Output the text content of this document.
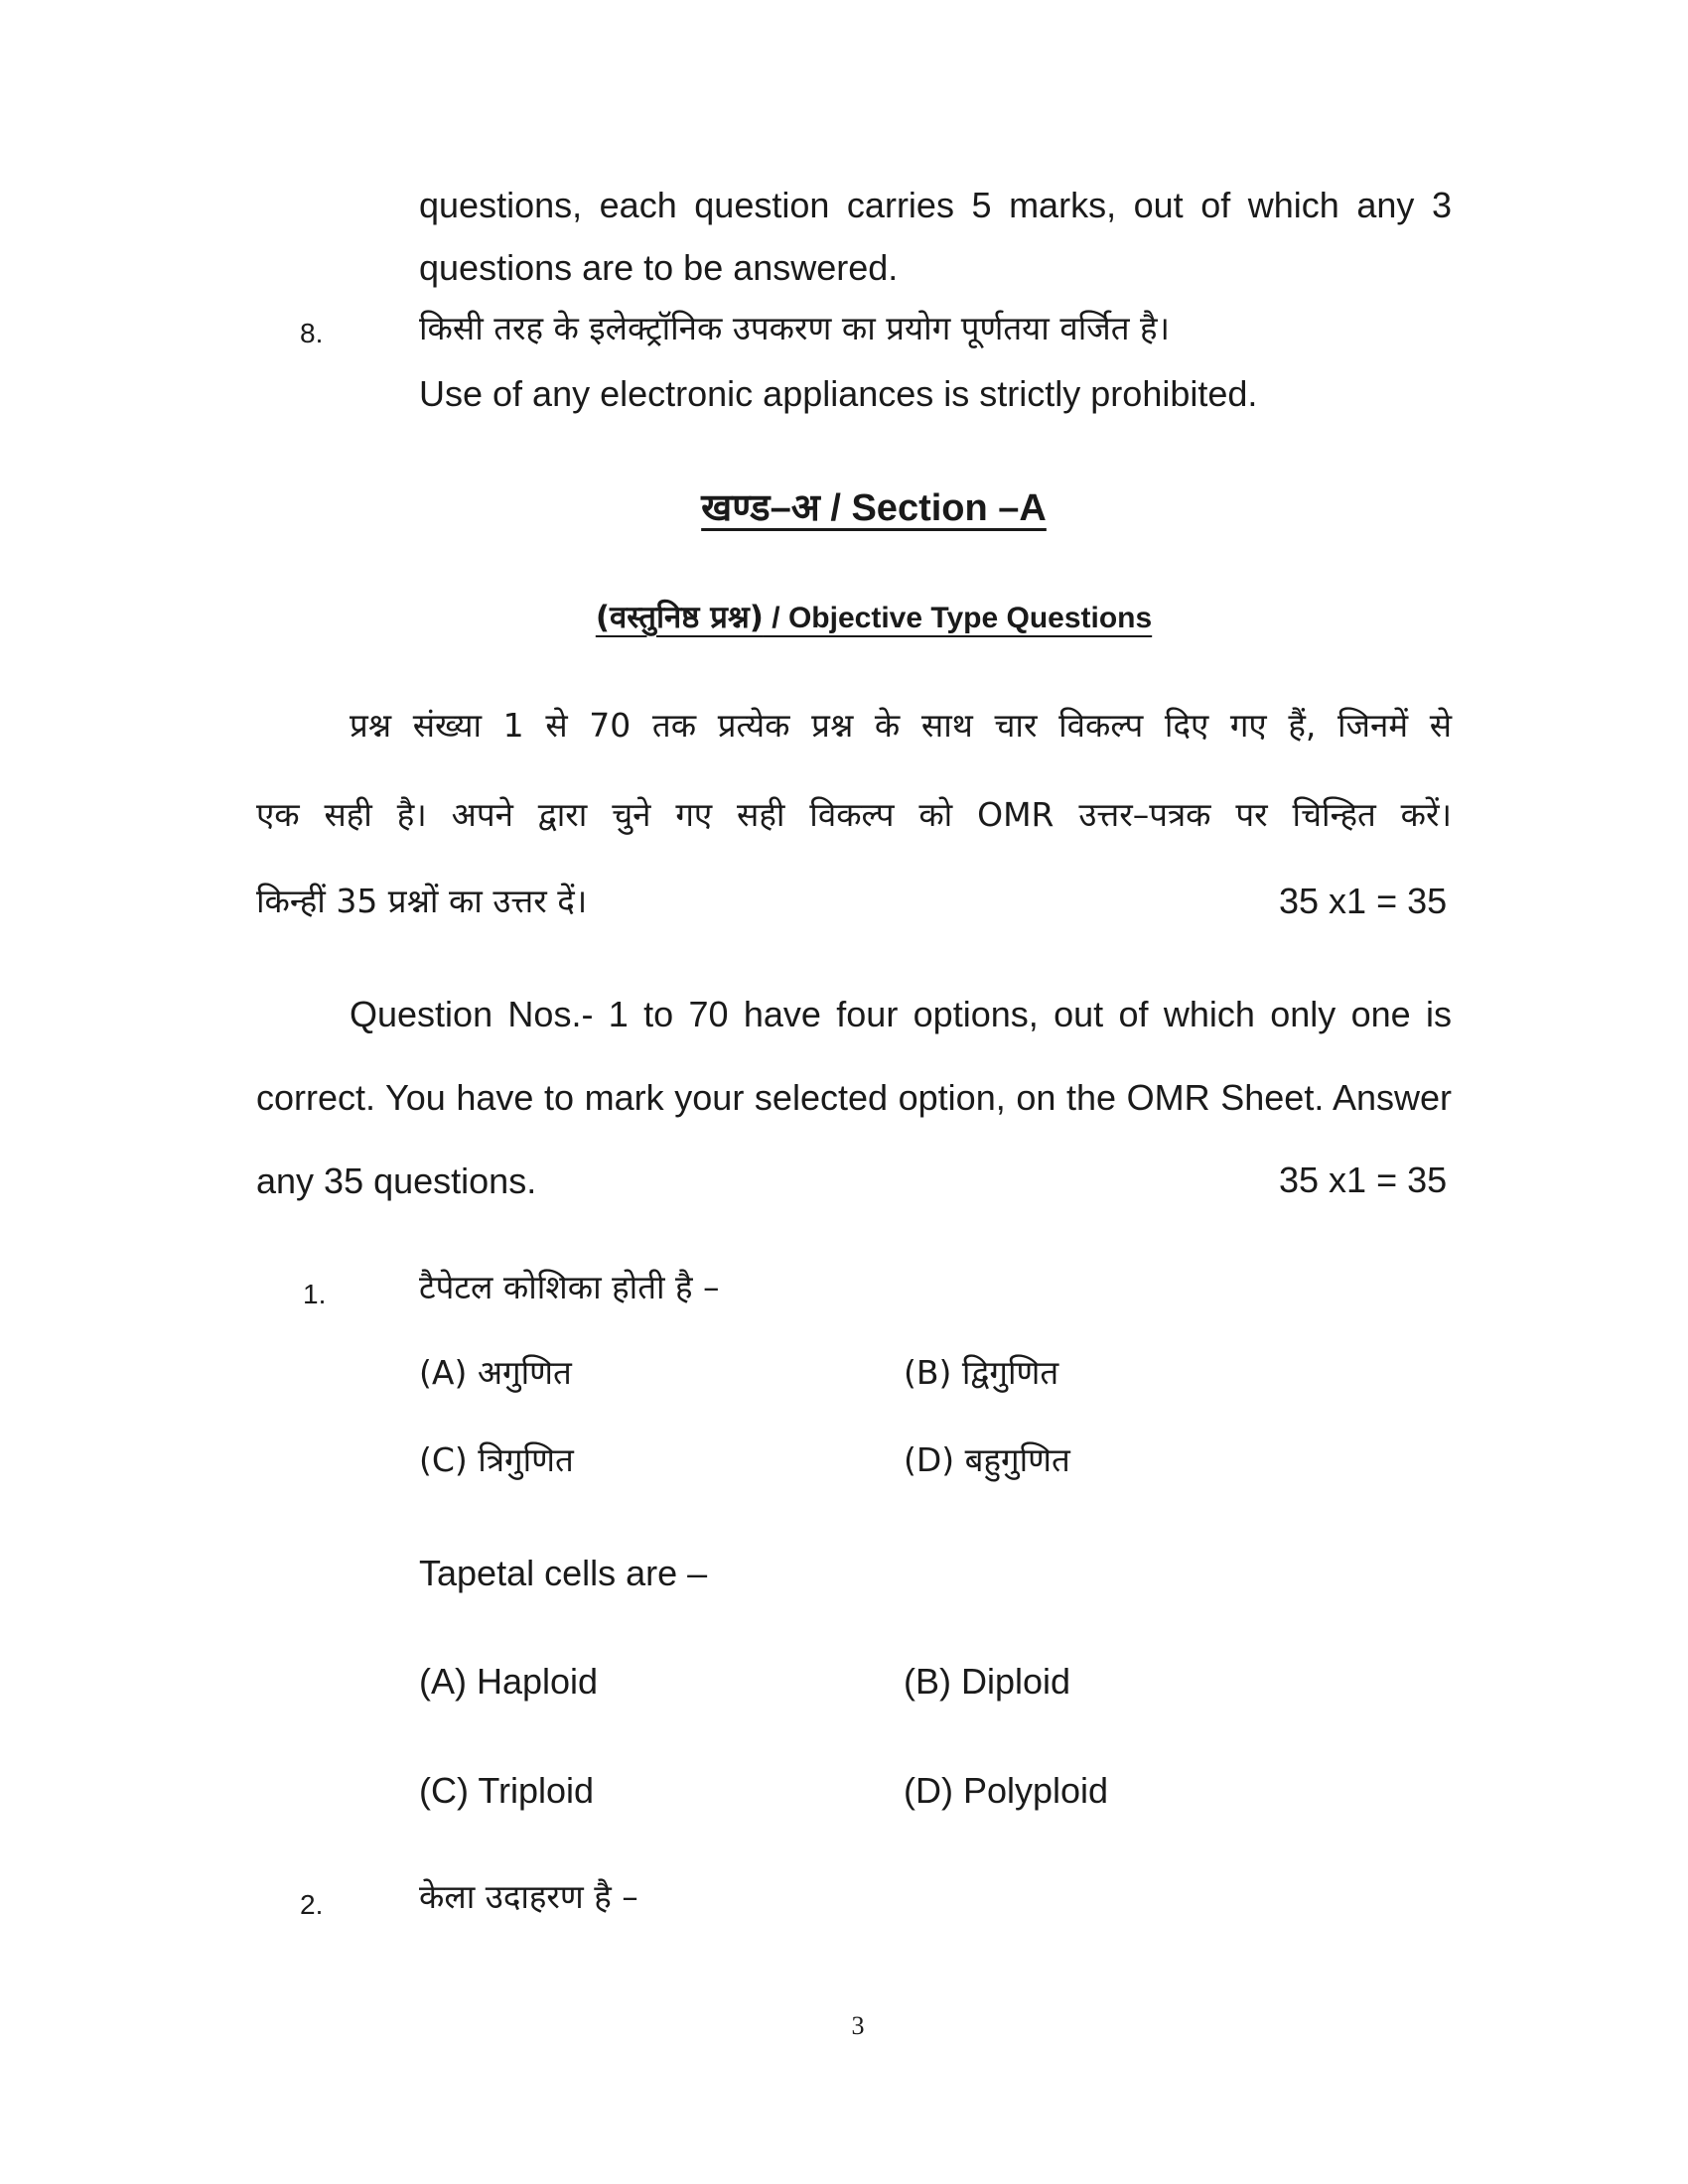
questions, each question carries 5 marks, out of which any 3
questions are to be answered.
8.	किसी तरह के इलेक्ट्रॉनिक उपकरण का प्रयोग पूर्णतया वर्जित है।
Use of any electronic appliances is strictly prohibited.
खण्ड–अ / Section –A
(वस्तुनिष्ठ प्रश्न) / Objective Type Questions
प्रश्न संख्या 1 से 70 तक प्रत्येक प्रश्न के साथ चार विकल्प दिए गए हैं, जिनमें से
एक सही है। अपने द्वारा चुने गए सही विकल्प को OMR उत्तर–पत्रक पर चिन्हित करें।
किन्हीं 35 प्रश्नों का उत्तर दें।	35 x1 = 35
Question Nos.- 1 to 70 have four options, out of which only one is
correct. You have to mark your selected option, on the OMR Sheet. Answer
any 35 questions.	35 x1 = 35
1.	टैपेटल कोशिका होती है –
(A) अगुणित	(B) द्विगुणित
(C) त्रिगुणित	(D) बहुगुणित
Tapetal cells are –
(A) Haploid	(B) Diploid
(C) Triploid	(D) Polyploid
2.	केला उदाहरण है –
3
